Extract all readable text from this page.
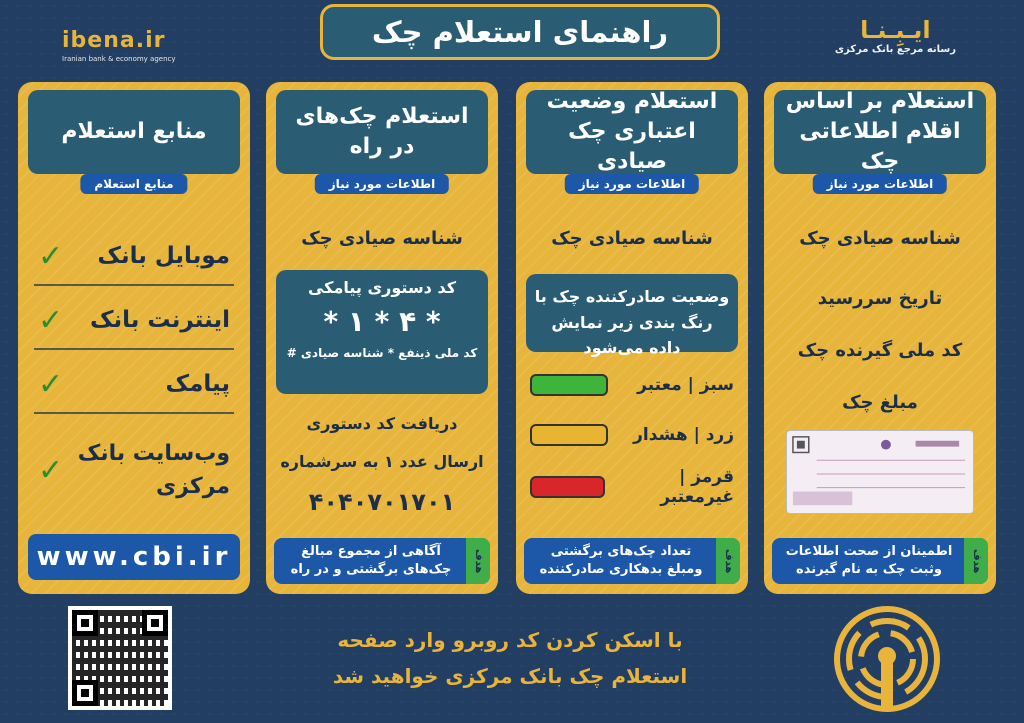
ibena.ir
Iranian bank & economy agency
ایـبِـنـا
رسانه مرجع بانک مرکزی
راهنمای استعلام چک
استعلام بر اساس اقلام اطلاعاتی چک
اطلاعات مورد نیاز
شناسه صیادی چک
تاریخ سررسید
کد ملی گیرنده چک
مبلغ چک
هدف
اطمینان از صحت اطلاعات وثبت چک به نام گیرنده
استعلام وضعیت اعتباری چک صیادی
اطلاعات مورد نیاز
شناسه صیادی چک
وضعیت صادرکننده چک با رنگ بندی زیر نمایش داده می‌شود
سبز | معتبر
زرد | هشدار
قرمز | غیرمعتبر
هدف
تعداد چک‌های برگشتی ومبلغ بدهکاری صادرکننده
استعلام چک‌های در راه
اطلاعات مورد نیاز
شناسه صیادی چک
کد دستوری پیامکی
* ۴ * ۱ *
کد ملی ذینفع * شناسه صیادی #
دریافت کد دستوری
ارسال عدد ۱ به سرشماره
۴۰۴۰۷۰۱۷۰۱
هدف
آگاهی از مجموع مبالغ چک‌های برگشتی و در راه
منابع استعلام
منابع استعلام
موبایل بانک
✓
اینترنت بانک
✓
پیامک
✓
وب‌سایت بانک مرکزی
✓
www.cbi.ir
با اسکن کردن کد روبرو وارد صفحه
استعلام چک بانک مرکزی خواهید شد
